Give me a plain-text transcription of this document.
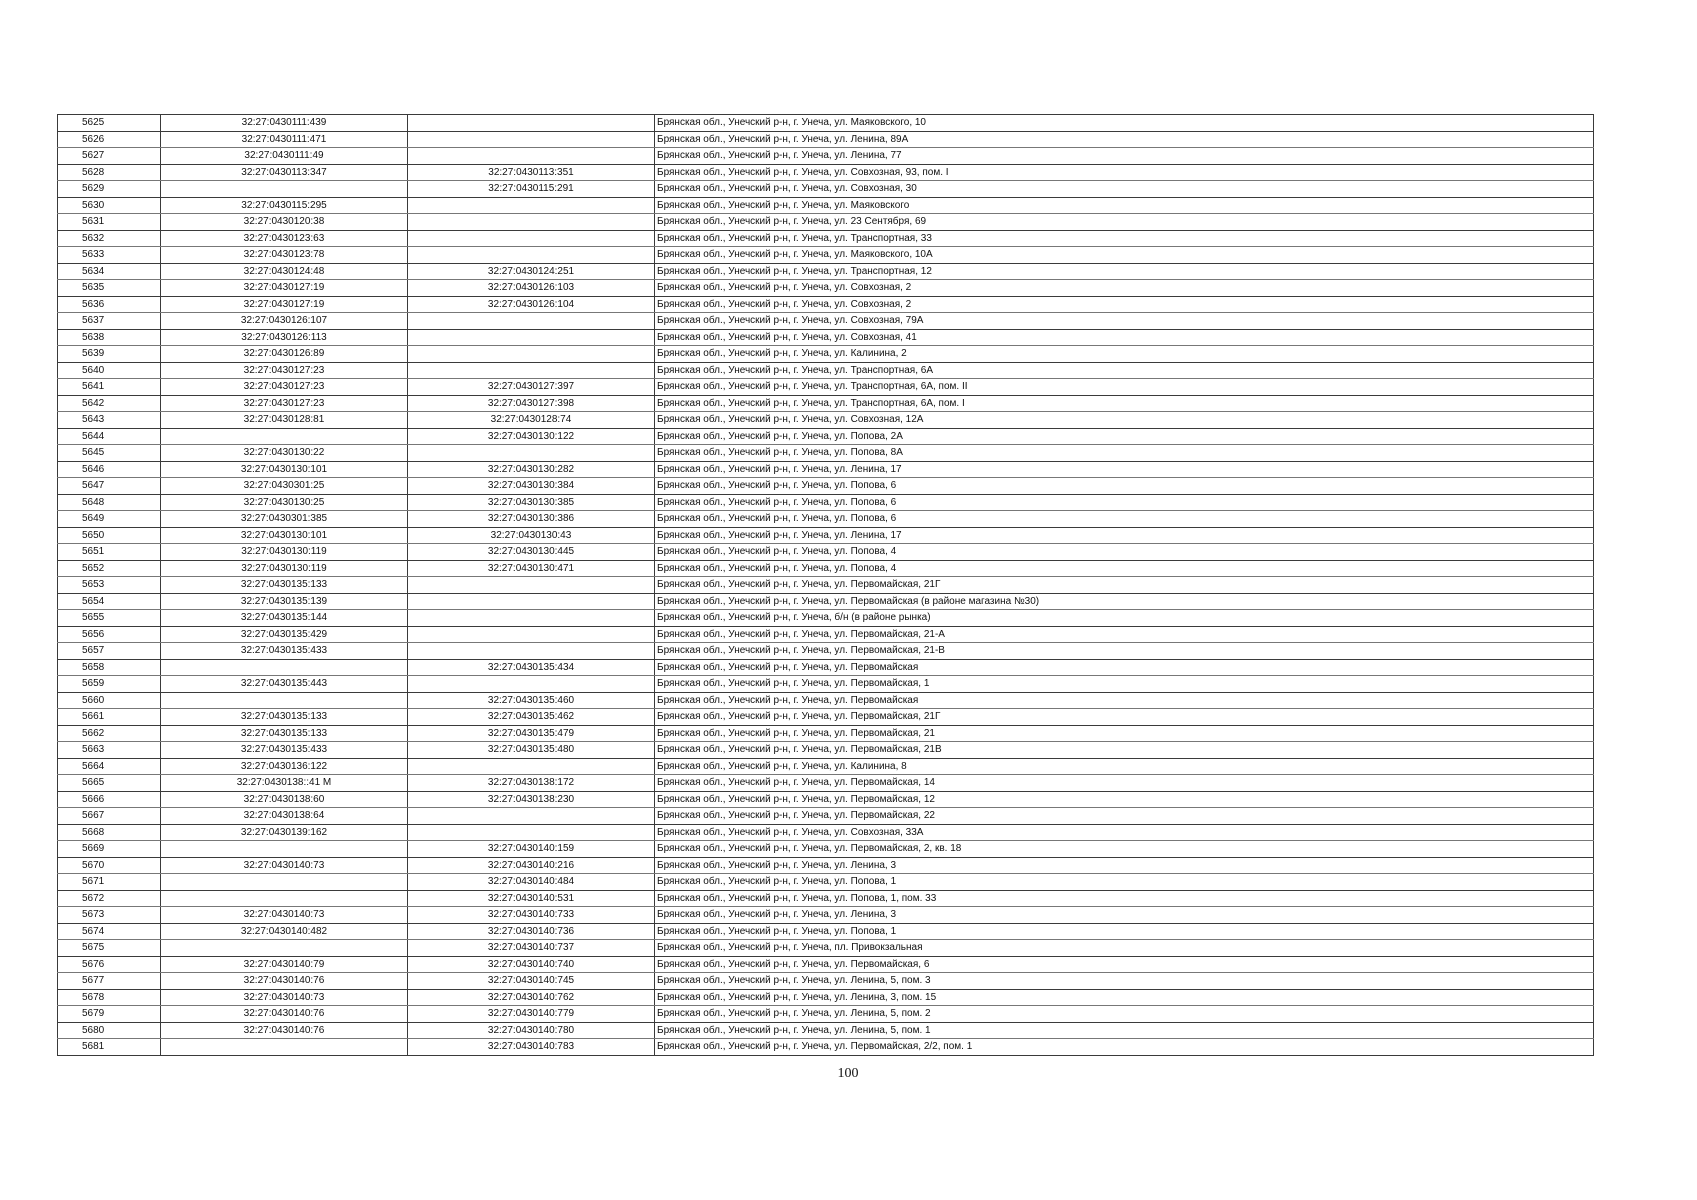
5625	32:27:0430111:439		Брянская обл., Унечский р-н, г. Унеча, ул. Маяковского, 10
5626	32:27:0430111:471		Брянская обл., Унечский р-н, г. Унеча, ул. Ленина, 89А
5627	32:27:0430111:49		Брянская обл., Унечский р-н, г. Унеча, ул. Ленина, 77
5628	32:27:0430113:347	32:27:0430113:351	Брянская обл., Унечский р-н, г. Унеча, ул. Совхозная, 93, пом. I
5629		32:27:0430115:291	Брянская обл., Унечский р-н, г. Унеча, ул. Совхозная, 30
5630	32:27:0430115:295		Брянская обл., Унечский р-н, г. Унеча, ул. Маяковского
5631	32:27:0430120:38		Брянская обл., Унечский р-н, г. Унеча, ул. 23 Сентября, 69
5632	32:27:0430123:63		Брянская обл., Унечский р-н, г. Унеча, ул. Транспортная, 33
5633	32:27:0430123:78		Брянская обл., Унечский р-н, г. Унеча, ул. Маяковского, 10А
5634	32:27:0430124:48	32:27:0430124:251	Брянская обл., Унечский р-н, г. Унеча, ул. Транспортная, 12
5635	32:27:0430127:19	32:27:0430126:103	Брянская обл., Унечский р-н, г. Унеча, ул. Совхозная, 2
5636	32:27:0430127:19	32:27:0430126:104	Брянская обл., Унечский р-н, г. Унеча, ул. Совхозная, 2
5637	32:27:0430126:107		Брянская обл., Унечский р-н, г. Унеча, ул. Совхозная, 79А
5638	32:27:0430126:113		Брянская обл., Унечский р-н, г. Унеча, ул. Совхозная, 41
5639	32:27:0430126:89		Брянская обл., Унечский р-н, г. Унеча, ул. Калинина, 2
5640	32:27:0430127:23		Брянская обл., Унечский р-н, г. Унеча, ул. Транспортная, 6А
5641	32:27:0430127:23	32:27:0430127:397	Брянская обл., Унечский р-н, г. Унеча, ул. Транспортная, 6А, пом. II
5642	32:27:0430127:23	32:27:0430127:398	Брянская обл., Унечский р-н, г. Унеча, ул. Транспортная, 6А, пом. I
5643	32:27:0430128:81	32:27:0430128:74	Брянская обл., Унечский р-н, г. Унеча, ул. Совхозная, 12А
5644		32:27:0430130:122	Брянская обл., Унечский р-н, г. Унеча, ул. Попова, 2А
5645	32:27:0430130:22		Брянская обл., Унечский р-н, г. Унеча, ул. Попова, 8А
5646	32:27:0430130:101	32:27:0430130:282	Брянская обл., Унечский р-н, г. Унеча, ул. Ленина, 17
5647	32:27:0430301:25	32:27:0430130:384	Брянская обл., Унечский р-н, г. Унеча, ул. Попова, 6
5648	32:27:0430130:25	32:27:0430130:385	Брянская обл., Унечский р-н, г. Унеча, ул. Попова, 6
5649	32:27:0430301:385	32:27:0430130:386	Брянская обл., Унечский р-н, г. Унеча, ул. Попова, 6
5650	32:27:0430130:101	32:27:0430130:43	Брянская обл., Унечский р-н, г. Унеча, ул. Ленина, 17
5651	32:27:0430130:119	32:27:0430130:445	Брянская обл., Унечский р-н, г. Унеча, ул. Попова, 4
5652	32:27:0430130:119	32:27:0430130:471	Брянская обл., Унечский р-н, г. Унеча, ул. Попова, 4
5653	32:27:0430135:133		Брянская обл., Унечский р-н, г. Унеча, ул. Первомайская, 21Г
5654	32:27:0430135:139		Брянская обл., Унечский р-н, г. Унеча, ул. Первомайская (в районе магазина №30)
5655	32:27:0430135:144		Брянская обл., Унечский р-н, г. Унеча, б/н (в районе рынка)
5656	32:27:0430135:429		Брянская обл., Унечский р-н, г. Унеча, ул. Первомайская, 21-А
5657	32:27:0430135:433		Брянская обл., Унечский р-н, г. Унеча, ул. Первомайская, 21-В
5658		32:27:0430135:434	Брянская обл., Унечский р-н, г. Унеча, ул. Первомайская
5659	32:27:0430135:443		Брянская обл., Унечский р-н, г. Унеча, ул. Первомайская, 1
5660		32:27:0430135:460	Брянская обл., Унечский р-н, г. Унеча, ул. Первомайская
5661	32:27:0430135:133	32:27:0430135:462	Брянская обл., Унечский р-н, г. Унеча, ул. Первомайская, 21Г
5662	32:27:0430135:133	32:27:0430135:479	Брянская обл., Унечский р-н, г. Унеча, ул. Первомайская, 21
5663	32:27:0430135:433	32:27:0430135:480	Брянская обл., Унечский р-н, г. Унеча, ул. Первомайская, 21В
5664	32:27:0430136:122		Брянская обл., Унечский р-н, г. Унеча, ул. Калинина, 8
5665	32:27:0430138::41 М	32:27:0430138:172	Брянская обл., Унечский р-н, г. Унеча, ул. Первомайская, 14
5666	32:27:0430138:60	32:27:0430138:230	Брянская обл., Унечский р-н, г. Унеча, ул. Первомайская, 12
5667	32:27:0430138:64		Брянская обл., Унечский р-н, г. Унеча, ул. Первомайская, 22
5668	32:27:0430139:162		Брянская обл., Унечский р-н, г. Унеча, ул. Совхозная, 33А
5669		32:27:0430140:159	Брянская обл., Унечский р-н, г. Унеча, ул. Первомайская, 2, кв. 18
5670	32:27:0430140:73	32:27:0430140:216	Брянская обл., Унечский р-н, г. Унеча, ул. Ленина, 3
5671		32:27:0430140:484	Брянская обл., Унечский р-н, г. Унеча, ул. Попова, 1
5672		32:27:0430140:531	Брянская обл., Унечский р-н, г. Унеча, ул. Попова, 1, пом. 33
5673	32:27:0430140:73	32:27:0430140:733	Брянская обл., Унечский р-н, г. Унеча, ул. Ленина, 3
5674	32:27:0430140:482	32:27:0430140:736	Брянская обл., Унечский р-н, г. Унеча, ул. Попова, 1
5675		32:27:0430140:737	Брянская обл., Унечский р-н, г. Унеча, пл. Привокзальная
5676	32:27:0430140:79	32:27:0430140:740	Брянская обл., Унечский р-н, г. Унеча, ул. Первомайская, 6
5677	32:27:0430140:76	32:27:0430140:745	Брянская обл., Унечский р-н, г. Унеча, ул. Ленина, 5, пом. 3
5678	32:27:0430140:73	32:27:0430140:762	Брянская обл., Унечский р-н, г. Унеча, ул. Ленина, 3, пом. 15
5679	32:27:0430140:76	32:27:0430140:779	Брянская обл., Унечский р-н, г. Унеча, ул. Ленина, 5, пом. 2
5680	32:27:0430140:76	32:27:0430140:780	Брянская обл., Унечский р-н, г. Унеча, ул. Ленина, 5, пом. 1
5681		32:27:0430140:783	Брянская обл., Унечский р-н, г. Унеча, ул. Первомайская, 2/2, пом. 1
100
